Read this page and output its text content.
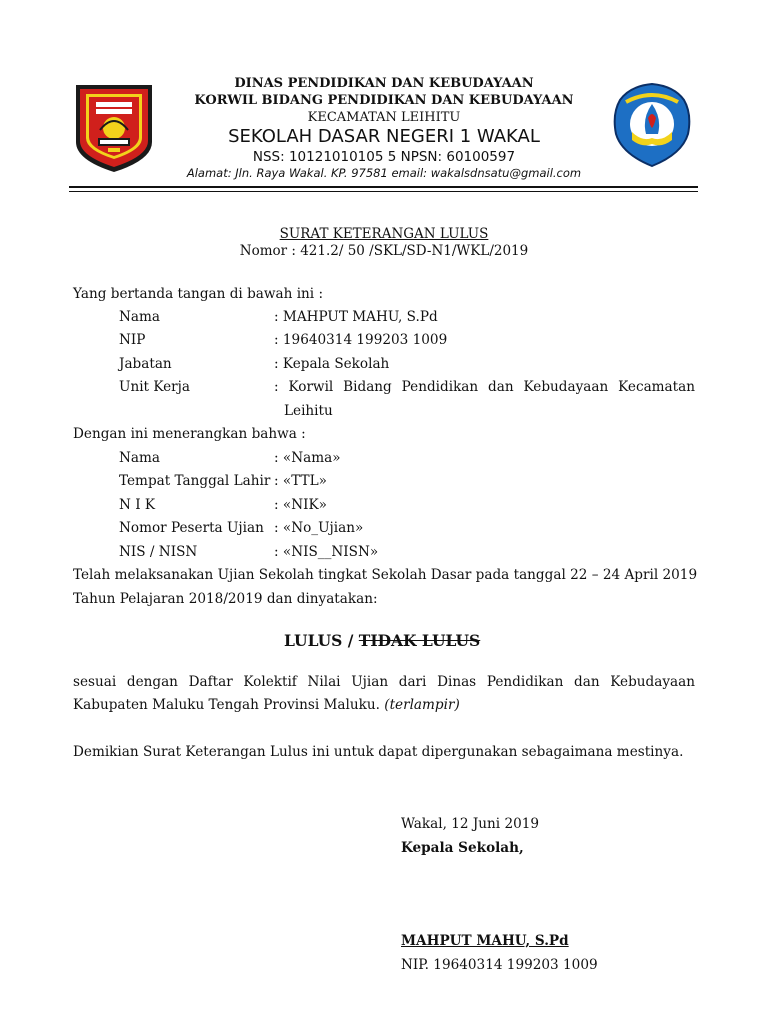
DINAS PENDIDIKAN DAN KEBUDAYAAN
KORWIL BIDANG PENDIDIKAN DAN KEBUDAYAAN
KECAMATAN LEIHITU
SEKOLAH DASAR NEGERI 1 WAKAL
NSS: 10121010105 5 NPSN: 60100597
Alamat: Jln. Raya Wakal. KP. 97581 email: wakalsdnsatu@gmail.com
SURAT KETERANGAN LULUS
Nomor : 421.2/ 50 /SKL/SD-N1/WKL/2019
Yang bertanda tangan di bawah ini :
Nama	: MAHPUT MAHU, S.Pd
NIP	: 19640314 199203 1009
Jabatan	: Kepala Sekolah
Unit Kerja	: Korwil Bidang Pendidikan dan Kebudayaan Kecamatan
Leihitu
Dengan ini menerangkan bahwa :
Nama	: «Nama»
Tempat Tanggal Lahir : «TTL»
N I K	: «NIK»
Nomor Peserta Ujian : «No_Ujian»
NIS / NISN	: «NIS__NISN»
Telah melaksanakan Ujian Sekolah tingkat Sekolah Dasar pada tanggal 22 – 24 April 2019
Tahun Pelajaran 2018/2019 dan dinyatakan:
LULUS / TIDAK LULUS
sesuai dengan Daftar Kolektif Nilai Ujian dari Dinas Pendidikan dan Kebudayaan
Kabupaten Maluku Tengah Provinsi Maluku. (terlampir)
Demikian Surat Keterangan Lulus ini untuk dapat dipergunakan sebagaimana mestinya.
Wakal, 12 Juni 2019
Kepala Sekolah,
MAHPUT MAHU, S.Pd
NIP. 19640314 199203 1009
